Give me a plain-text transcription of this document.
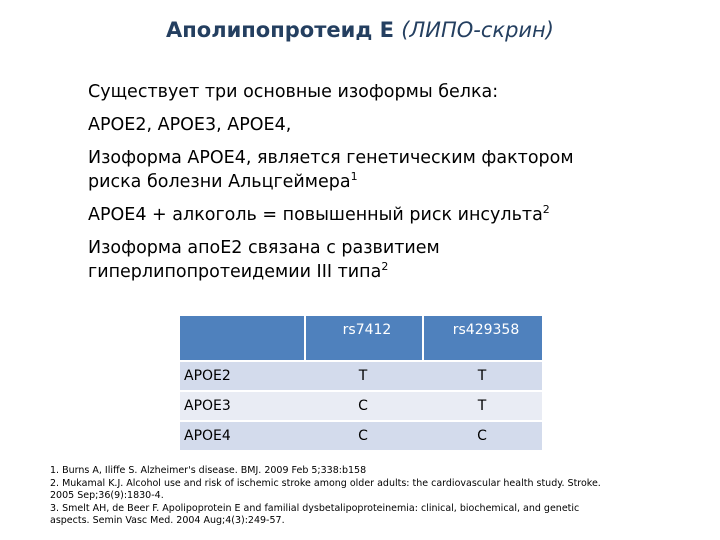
Аполипопротеид Е (ЛИПО-скрин)

Существует три основные изоформы белка:

APOE2, APOE3, APOE4,

Изоформа APOE4, является генетическим фактором риска болезни Альцгеймера$^1$

APOE4 + алкоголь = повышенный риск инсульта$^2$

Изоформа апоЕ2 связана с развитием гиперлипопротеидемии III типа$^2$

	rs7412	rs429358
APOE2	T	T
APOE3	C	T
APOE4	C	C
1. Burns A, Iliffe S. Alzheimer's disease. BMJ. 2009 Feb 5;338:b158
2. Mukamal K.J. Alcohol use and risk of ischemic stroke among older adults: the cardiovascular health study. Stroke. 2005 Sep;36(9):1830-4.
3. Smelt AH, de Beer F. Apolipoprotein E and familial dysbetalipoproteinemia: clinical, biochemical, and genetic aspects. Semin Vasc Med. 2004 Aug;4(3):249-57.
